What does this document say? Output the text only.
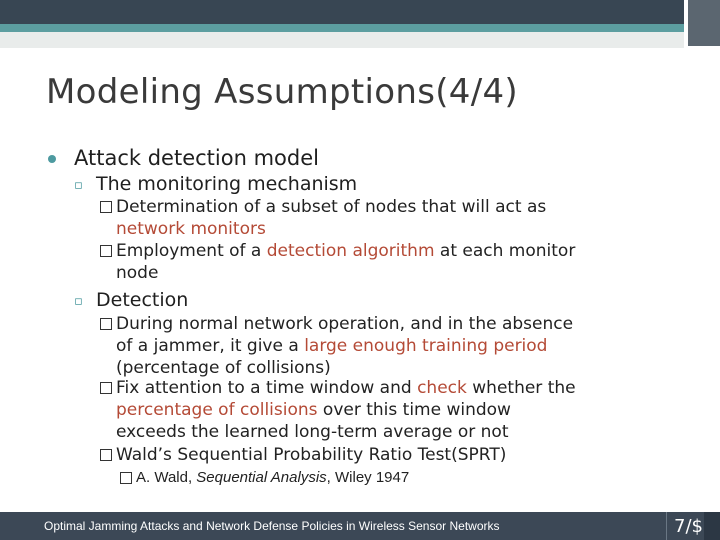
Modeling Assumptions(4/4)
Attack detection model
▫ The monitoring mechanism
Determination of a subset of nodes that will act as
network monitors
Employment of a detection algorithm at each monitor
node
▫ Detection
During normal network operation, and in the absence
of a jammer, it give a large enough training period
(percentage of collisions)
Fix attention to a time window and check whether the
percentage of collisions over this time window
exceeds the learned long-term average or not
Wald’s Sequential Probability Ratio Test(SPRT)
A. Wald, Sequential Analysis, Wiley 1947
Optimal Jamming Attacks and Network Defense Policies in Wireless Sensor Networks	7/$
